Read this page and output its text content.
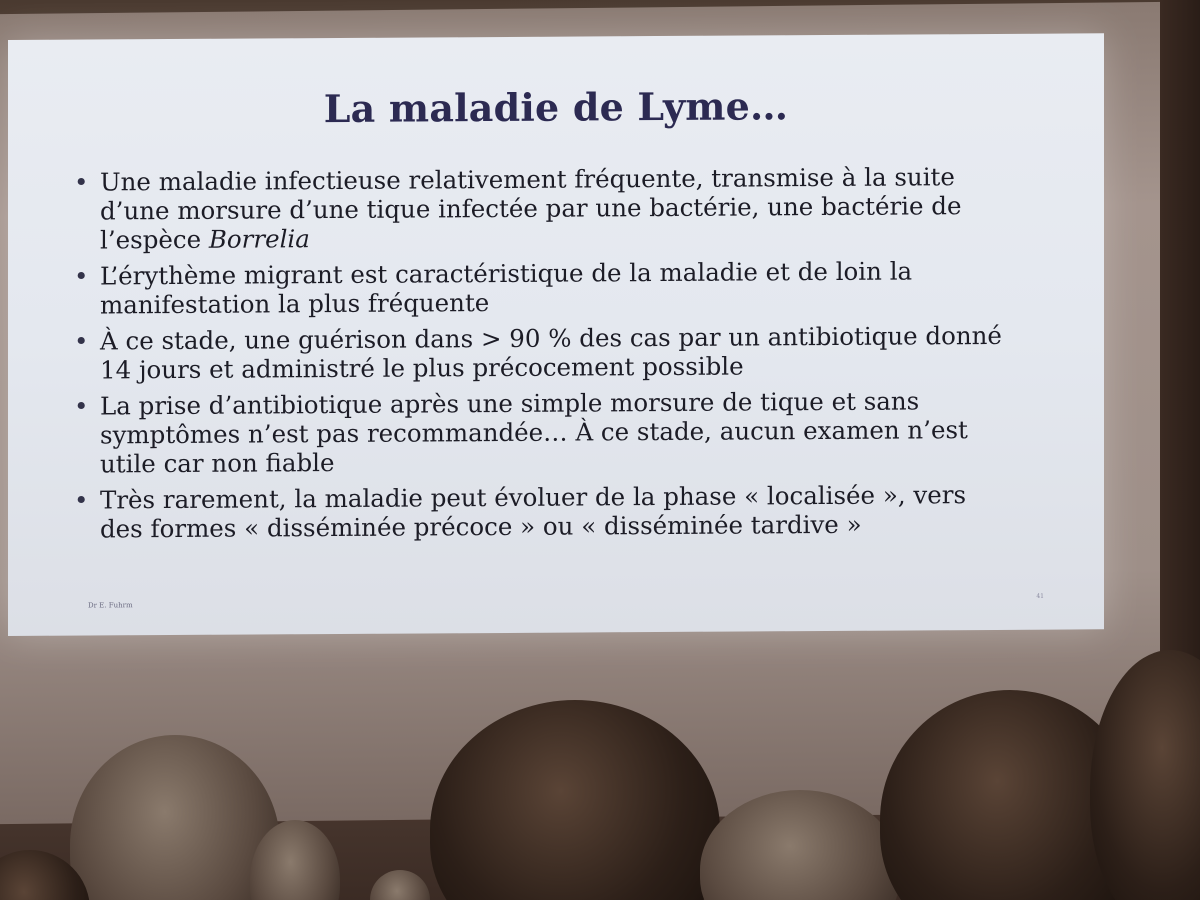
La maladie de Lyme…
• Une maladie infectieuse relativement fréquente, transmise à la suite
d’une morsure d’une tique infectée par une bactérie, une bactérie de
l’espèce Borrelia
• L’érythème migrant est caractéristique de la maladie et de loin la
manifestation la plus fréquente
• À ce stade, une guérison dans > 90 % des cas par un antibiotique donné
14 jours et administré le plus précocement possible
• La prise d’antibiotique après une simple morsure de tique et sans
symptômes n’est pas recommandée… À ce stade, aucun examen n’est
utile car non fiable
• Très rarement, la maladie peut évoluer de la phase « localisée », vers
des formes « disséminée précoce » ou « disséminée tardive »
Dr E. Fuhrm
41
